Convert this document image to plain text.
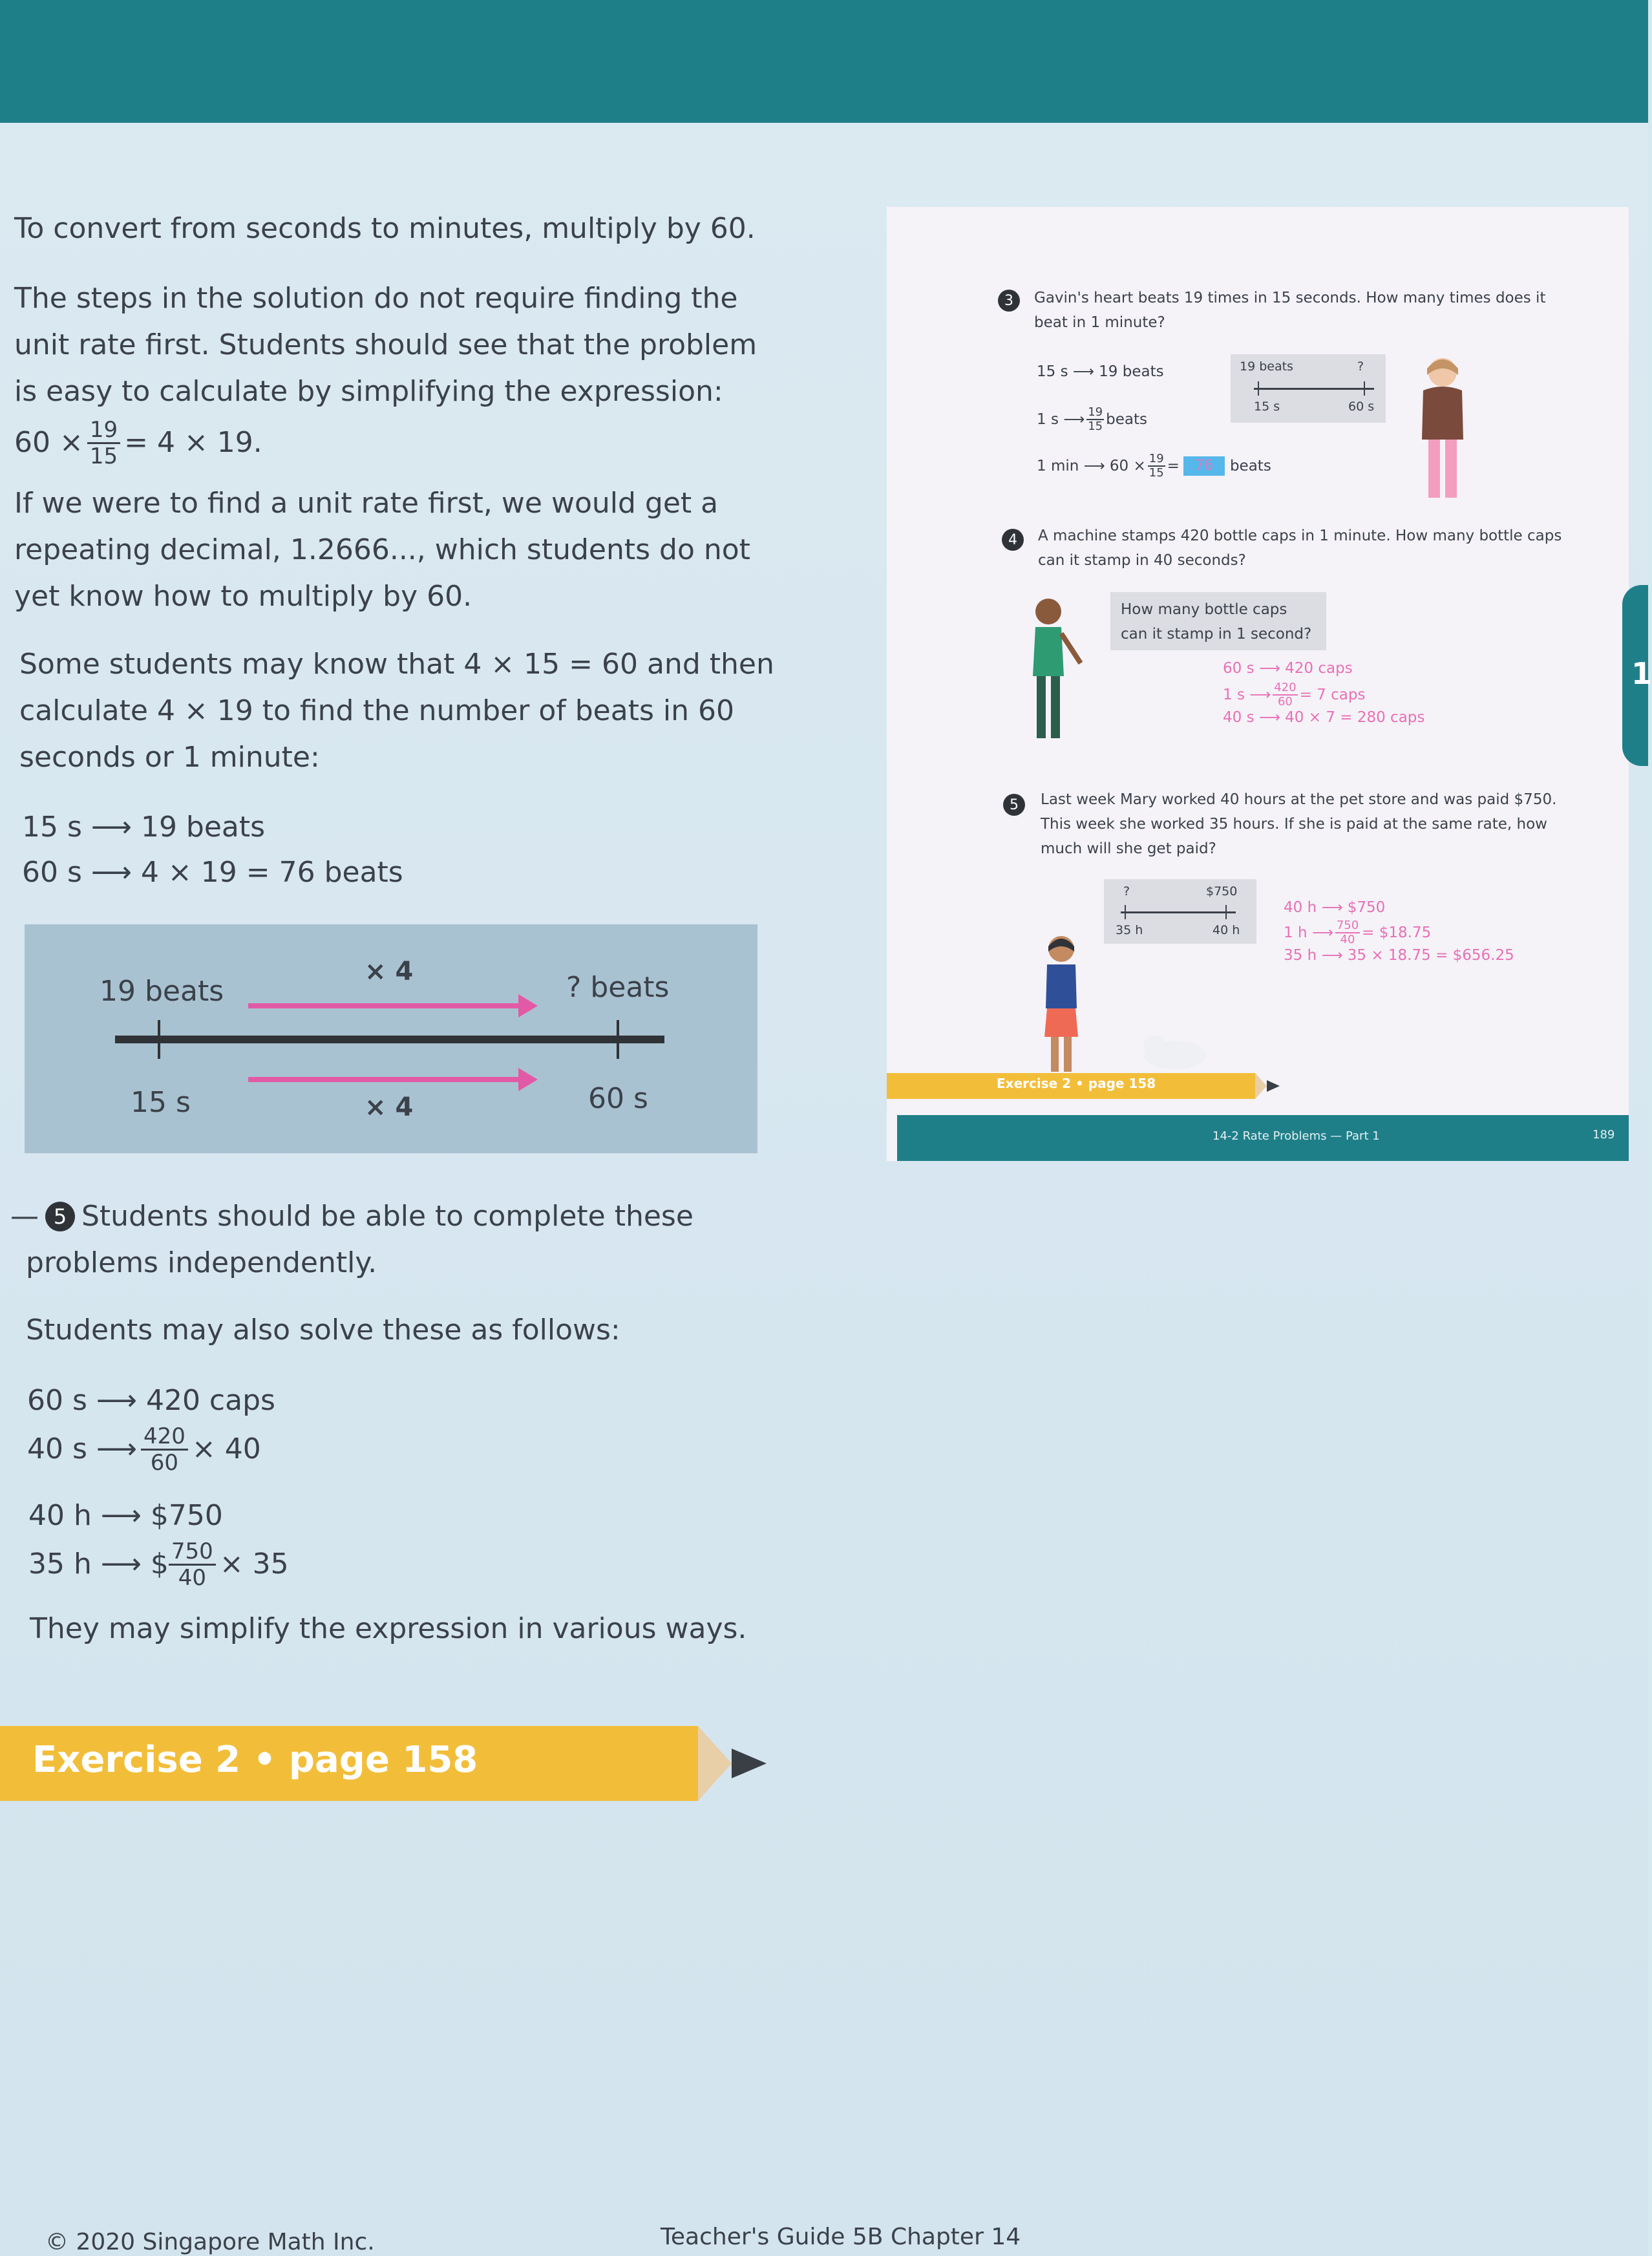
To convert from seconds to minutes, multiply by 60.

The steps in the solution do not require finding the
unit rate first. Students should see that the problem
is easy to calculate by simplifying the expression:
$60 \times \frac{19}{15} = 4 \times 19$.
If we were to find a unit rate first, we would get a
repeating decimal, 1.2666..., which students do not
yet know how to multiply by 60.
Some students may know that 4 × 15 = 60 and then
calculate 4 × 19 to find the number of beats in 60
seconds or 1 minute:
15 s ⟶ 19 beats
60 s ⟶ 4 × 19 = 76 beats
19 beats
× 4	? beats
15 s	× 4	60 s
— 5 Students should be able to complete these
problems independently.

Students may also solve these as follows:

60 s ⟶ 420 caps
40 s ⟶ $\frac{420}{60} \times 40$
40 h ⟶ $750
35 h ⟶ $ $\frac{750}{40} \times 35$

They may simplify the expression in various ways.

Exercise 2 • page 158
3	Gavin's heart beats 19 times in 15 seconds. How many times does it
beat in 1 minute?
15 s ⟶ 19 beats
1 s ⟶ $\frac{19}{15}$ beats
1 min ⟶ $60 \times \frac{19}{15}$ =	76	beats
19 beats	?
15 s	60 s
4	A machine stamps 420 bottle caps in 1 minute. How many bottle caps
can it stamp in 40 seconds?
How many bottle caps
can it stamp in 1 second?
60 s ⟶ 420 caps
1 s ⟶ $\frac{420}{60} = 7$ caps
40 s ⟶ 40 × 7 = 280 caps
5	Last week Mary worked 40 hours at the pet store and was paid $750.
This week she worked 35 hours. If she is paid at the same rate, how
much will she get paid?
?	$750
35 h	40 h
40 h ⟶ $750
1 h ⟶ $\frac{750}{40}$ = $18.75
35 h ⟶ 35 × 18.75 = $656.25
Exercise 2 • page 158
14-2 Rate Problems — Part 1	189
1
© 2020 Singapore Math Inc.	Teacher's Guide 5B Chapter 14
